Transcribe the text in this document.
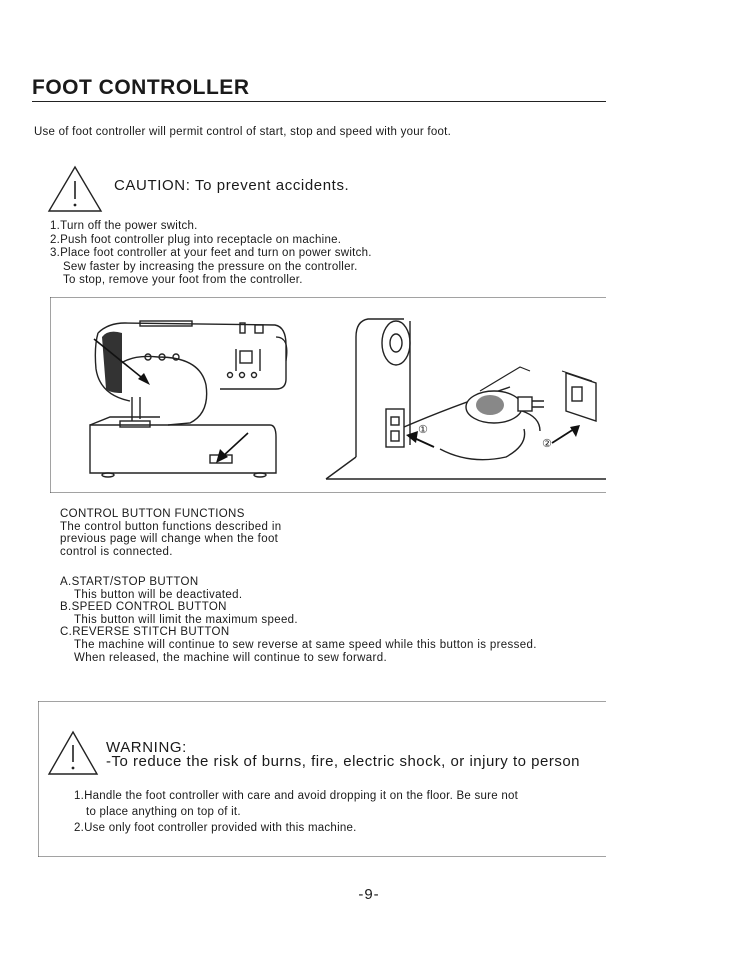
FOOT CONTROLLER
Use of foot controller will permit control of start, stop and speed with your foot.
CAUTION: To prevent accidents.
1.Turn off the power switch.
2.Push foot controller plug into receptacle on machine.
3.Place foot controller at your feet and turn on power switch.
Sew faster by increasing the pressure on the controller.
To stop, remove your foot from the controller.
①
②

CONTROL BUTTON FUNCTIONS

The control button functions described in

previous page will change when the foot

control is connected.

A.START/STOP BUTTON
This button will be deactivated.
B.SPEED CONTROL BUTTON
This button will limit the maximum speed.
C.REVERSE STITCH BUTTON
The machine will continue to sew reverse at same speed while this button is pressed.
When released, the machine will continue to sew forward.
WARNING:
-To reduce the risk of burns, fire, electric shock, or injury to person
1.Handle the foot controller with care and avoid dropping it on the floor. Be sure not
to place anything on top of it.
2.Use only foot controller provided with this machine.
-9-
